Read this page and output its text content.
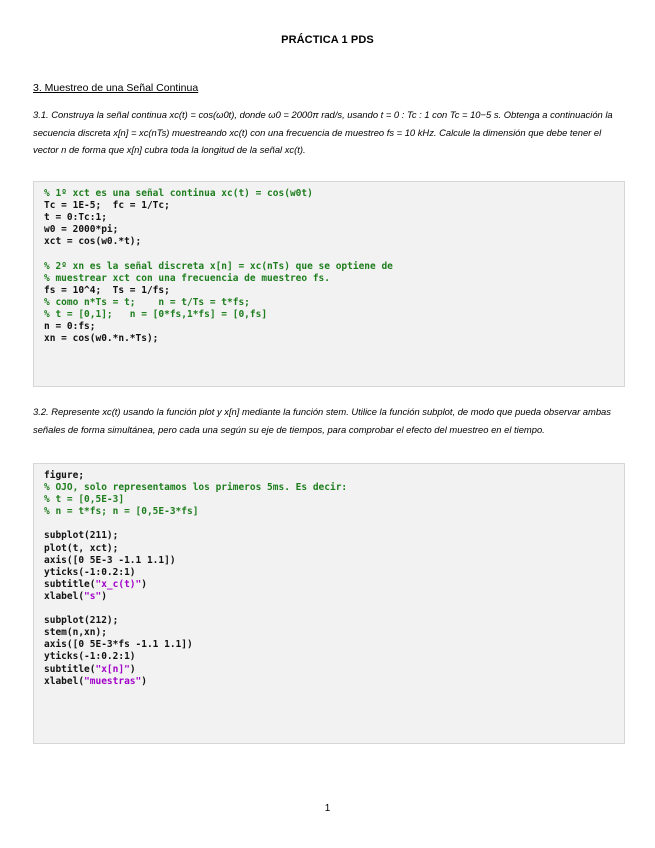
PRÁCTICA 1 PDS
3. Muestreo de una Señal Continua
3.1. Construya la señal continua xc(t) = cos(ω0t), donde ω0 = 2000π rad/s, usando t = 0 : Tc : 1 con Tc = 10−5 s. Obtenga a continuación la secuencia discreta x[n] = xc(nTs) muestreando xc(t) con una frecuencia de muestreo fs = 10 kHz. Calcule la dimensión que debe tener el vector n de forma que x[n] cubra toda la longitud de la señal xc(t).
% 1º xct es una señal continua xc(t) = cos(w0t)
Tc = 1E-5;  fc = 1/Tc;
t = 0:Tc:1;
w0 = 2000*pi;
xct = cos(w0.*t);
% 2º xn es la señal discreta x[n] = xc(nTs) que se optiene de
% muestrear xct con una frecuencia de muestreo fs.
fs = 10^4;  Ts = 1/fs;
% como n*Ts = t;    n = t/Ts = t*fs;
% t = [0,1];   n = [0*fs,1*fs] = [0,fs]
n = 0:fs;
xn = cos(w0.*n.*Ts);
3.2. Represente xc(t) usando la función plot y x[n] mediante la función stem. Utilice la función subplot, de modo que pueda observar ambas señales de forma simultánea, pero cada una según su eje de tiempos, para comprobar el efecto del muestreo en el tiempo.
figure;
% OJO, solo representamos los primeros 5ms. Es decir:
% t = [0,5E-3]
% n = t*fs; n = [0,5E-3*fs]
subplot(211);
plot(t, xct);
axis([0 5E-3 -1.1 1.1])
yticks(-1:0.2:1)
subtitle("x_c(t)")
xlabel("s")
subplot(212);
stem(n,xn);
axis([0 5E-3*fs -1.1 1.1])
yticks(-1:0.2:1)
subtitle("x[n]")
xlabel("muestras")
1
